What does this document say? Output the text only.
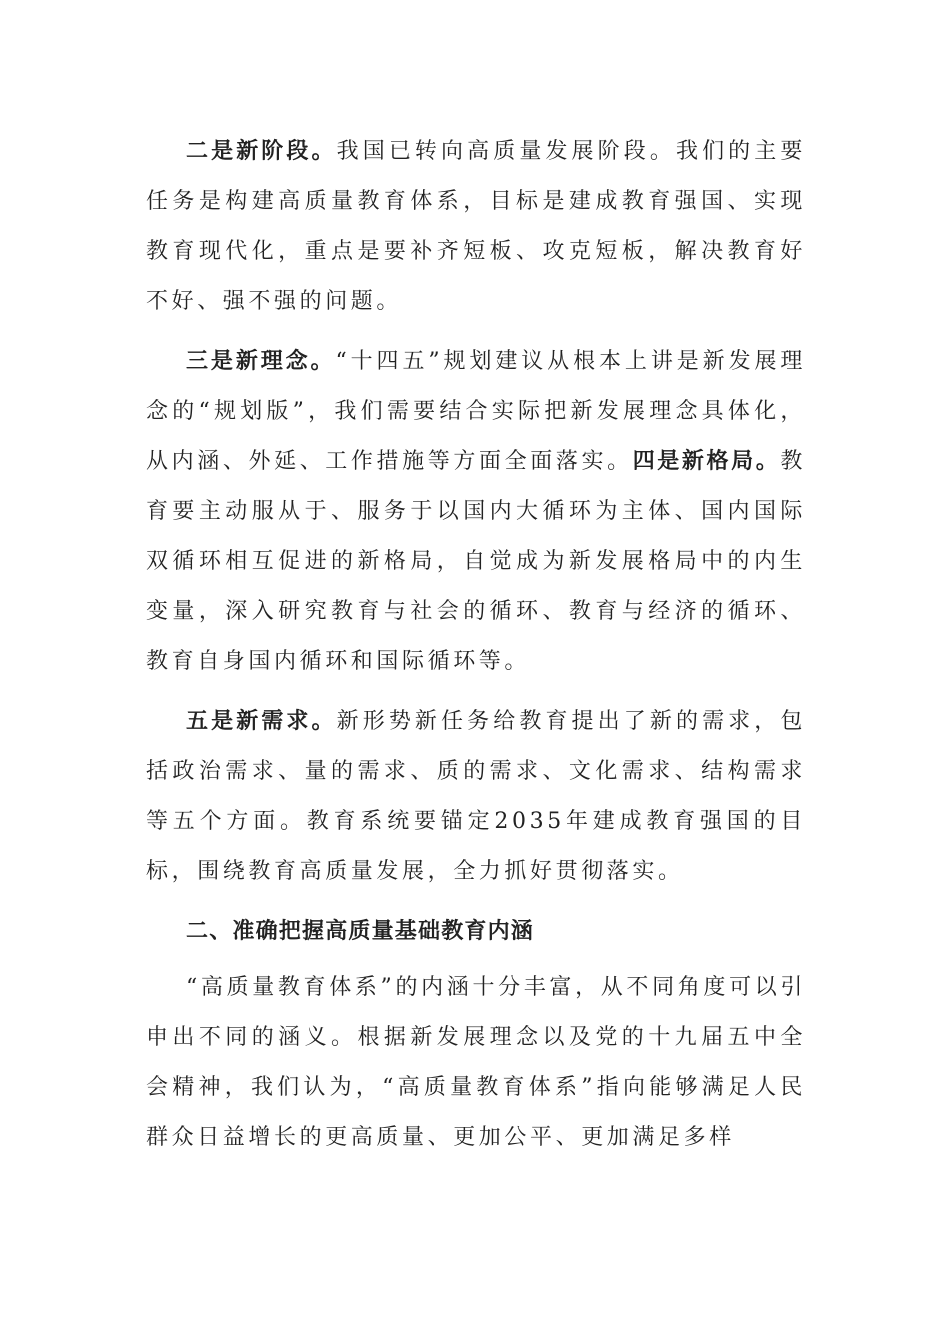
二是新阶段。我国已转向高质量发展阶段。我们的主要任务是构建高质量教育体系，目标是建成教育强国、实现教育现代化，重点是要补齐短板、攻克短板，解决教育好不好、强不强的问题。

三是新理念。“十四五”规划建议从根本上讲是新发展理念的“规划版”，我们需要结合实际把新发展理念具体化，从内涵、外延、工作措施等方面全面落实。四是新格局。教育要主动服从于、服务于以国内大循环为主体、国内国际双循环相互促进的新格局，自觉成为新发展格局中的内生变量，深入研究教育与社会的循环、教育与经济的循环、教育自身国内循环和国际循环等。

五是新需求。新形势新任务给教育提出了新的需求，包括政治需求、量的需求、质的需求、文化需求、结构需求等五个方面。教育系统要锚定2035年建成教育强国的目标，围绕教育高质量发展，全力抓好贯彻落实。

二、准确把握高质量基础教育内涵

“高质量教育体系”的内涵十分丰富，从不同角度可以引申出不同的涵义。根据新发展理念以及党的十九届五中全会精神，我们认为，“高质量教育体系”指向能够满足人民群众日益增长的更高质量、更加公平、更加满足多样
